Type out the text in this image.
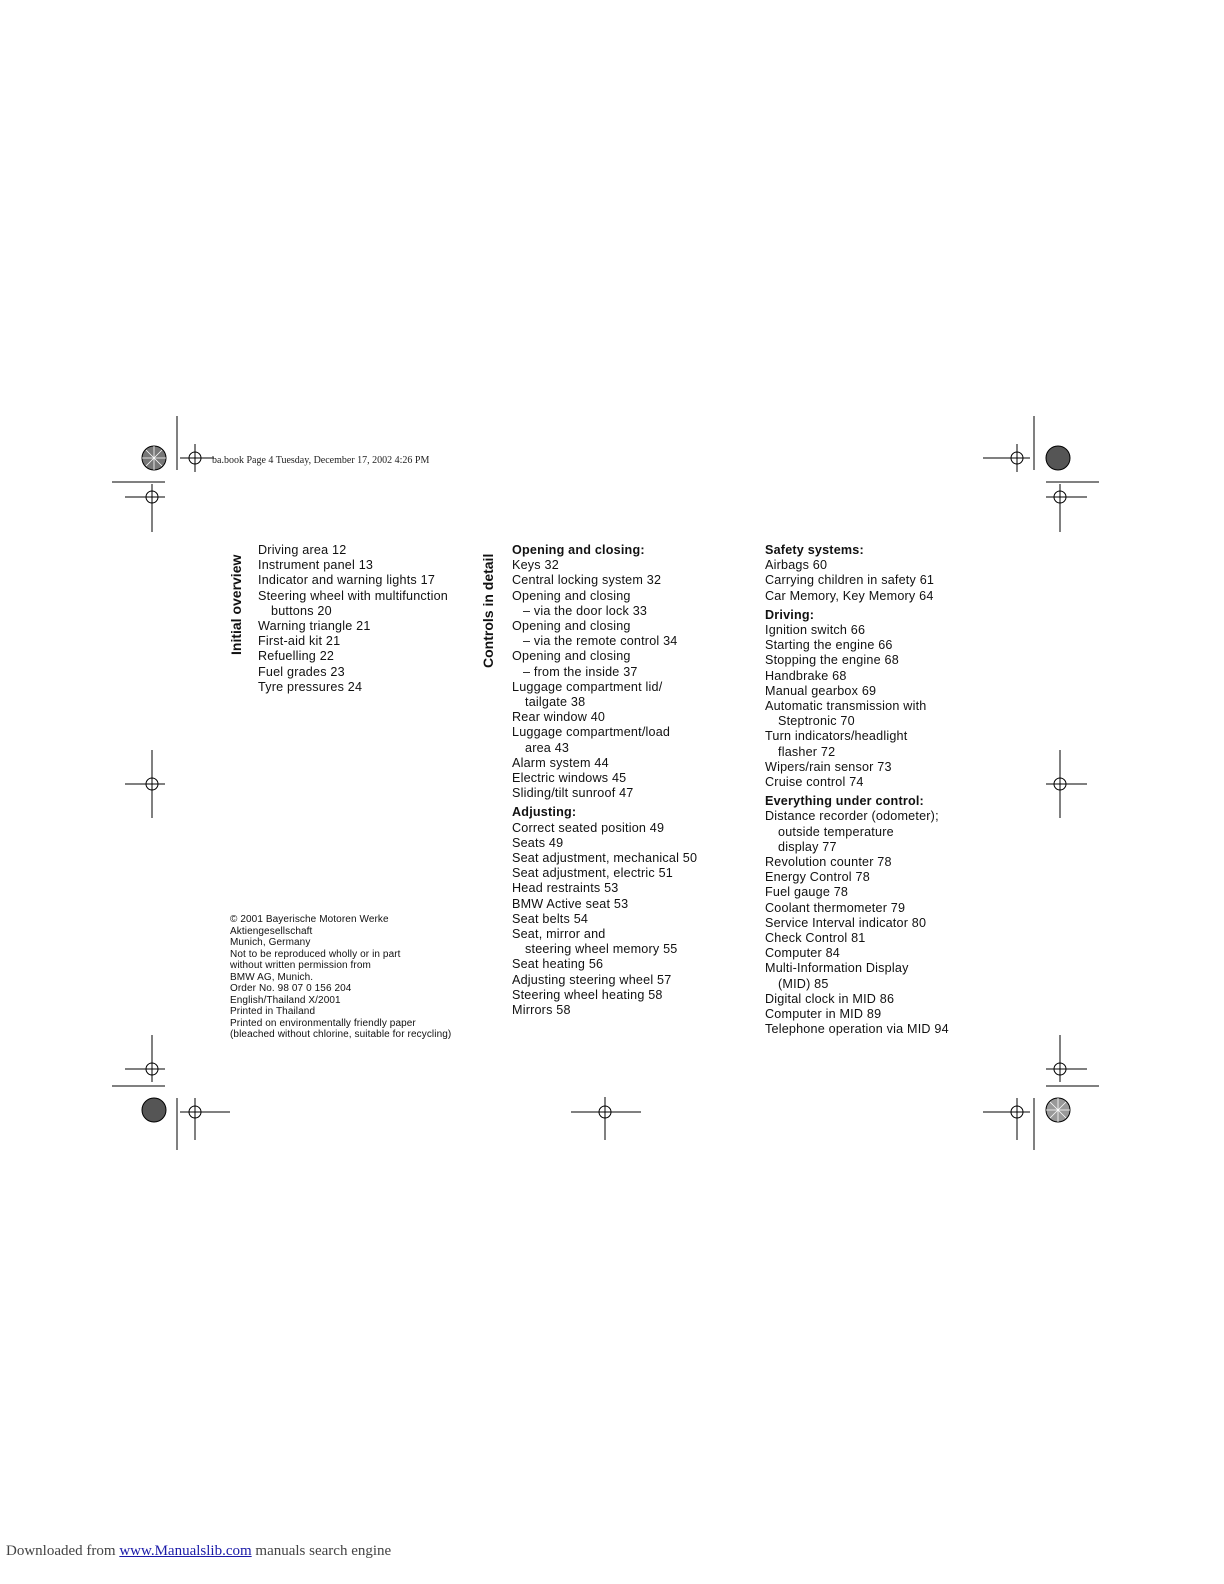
ba.book Page 4 Tuesday, December 17, 2002 4:26 PM
Initial overview	Controls in detail
Driving area 12
Instrument panel 13
Indicator and warning lights 17
Steering wheel with multifunction
buttons 20
Warning triangle 21
First-aid kit 21
Refuelling 22
Fuel grades 23
Tyre pressures 24
Opening and closing:
Keys 32
Central locking system 32
Opening and closing
– via the door lock 33
Opening and closing
– via the remote control 34
Opening and closing
– from the inside 37
Luggage compartment lid/
tailgate 38
Rear window 40
Luggage compartment/load
area 43
Alarm system 44
Electric windows 45
Sliding/tilt sunroof 47
Adjusting:
Correct seated position 49
Seats 49
Seat adjustment, mechanical 50
Seat adjustment, electric 51
Head restraints 53
BMW Active seat 53
Seat belts 54
Seat, mirror and
steering wheel memory 55
Seat heating 56
Adjusting steering wheel 57
Steering wheel heating 58
Mirrors 58
Safety systems:
Airbags 60
Carrying children in safety 61
Car Memory, Key Memory 64
Driving:
Ignition switch 66
Starting the engine 66
Stopping the engine 68
Handbrake 68
Manual gearbox 69
Automatic transmission with
Steptronic 70
Turn indicators/headlight
flasher 72
Wipers/rain sensor 73
Cruise control 74
Everything under control:
Distance recorder (odometer);
outside temperature
display 77
Revolution counter 78
Energy Control 78
Fuel gauge 78
Coolant thermometer 79
Service Interval indicator 80
Check Control 81
Computer 84
Multi-Information Display
(MID) 85
Digital clock in MID 86
Computer in MID 89
Telephone operation via MID 94
© 2001 Bayerische Motoren Werke
Aktiengesellschaft
Munich, Germany
Not to be reproduced wholly or in part
without written permission from
BMW AG, Munich.
Order No. 98 07 0 156 204
English/Thailand X/2001
Printed in Thailand
Printed on environmentally friendly paper
(bleached without chlorine, suitable for recycling)
Downloaded from www.Manualslib.com manuals search engine
